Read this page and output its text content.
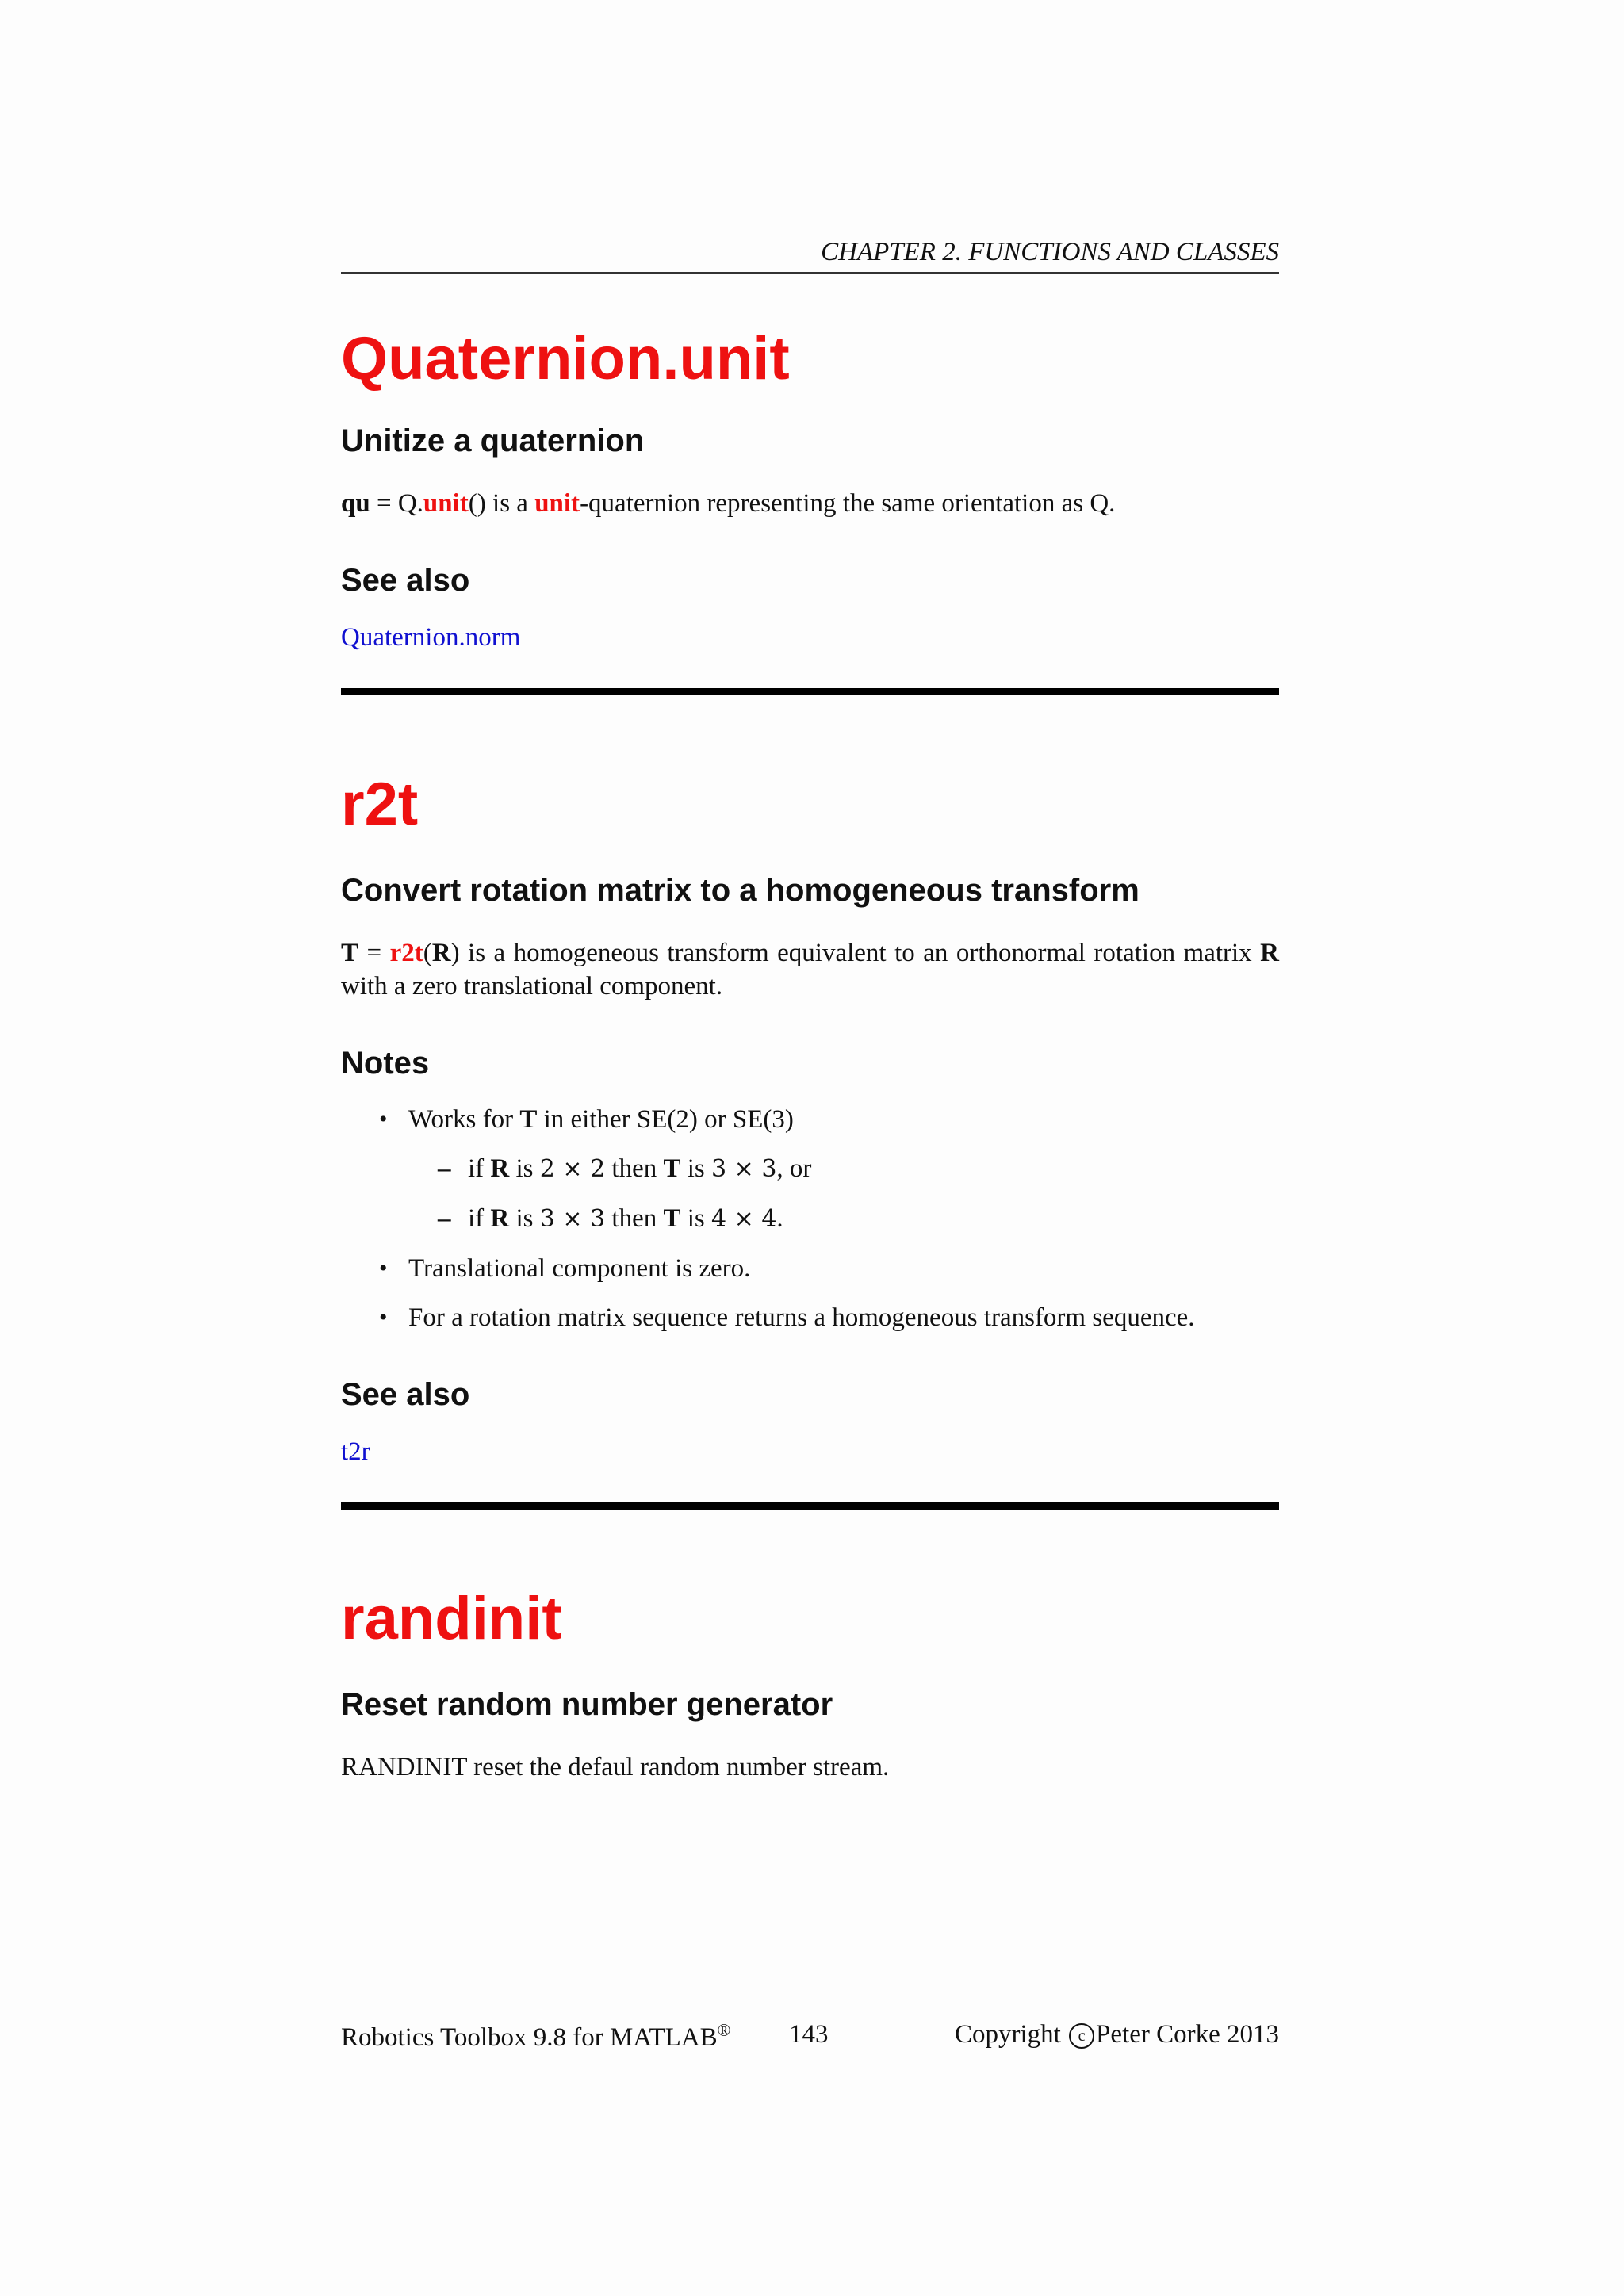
CHAPTER 2. FUNCTIONS AND CLASSES
Quaternion.unit
Unitize a quaternion
qu = Q.unit() is a unit-quaternion representing the same orientation as Q.
See also
Quaternion.norm
r2t
Convert rotation matrix to a homogeneous transform
T = r2t(R) is a homogeneous transform equivalent to an orthonormal rotation matrix R with a zero translational component.
Notes
• Works for T in either SE(2) or SE(3)
– if R is 2 × 2 then T is 3 × 3, or
– if R is 3 × 3 then T is 4 × 4.
• Translational component is zero.
• For a rotation matrix sequence returns a homogeneous transform sequence.
See also
t2r
randinit
Reset random number generator
RANDINIT reset the defaul random number stream.
Robotics Toolbox 9.8 for MATLAB® 143	Copyright c Peter Corke 2013
